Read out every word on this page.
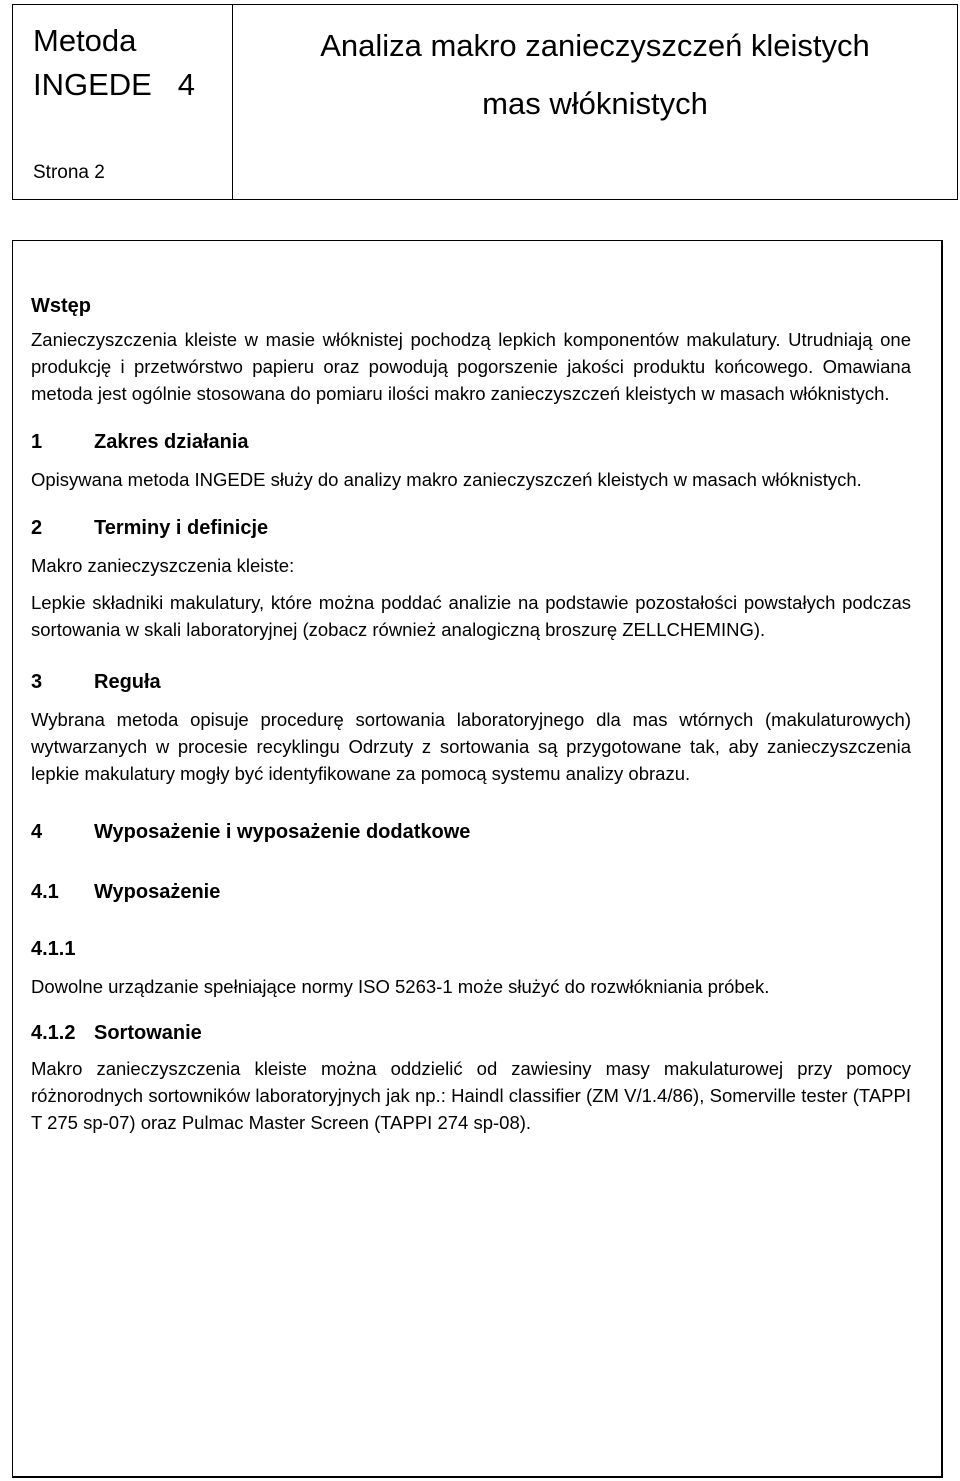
Metoda
INGEDE   4
Strona 2
Analiza makro zanieczyszczeń kleistych
mas włóknistych
Wstęp

Zanieczyszczenia kleiste w masie włóknistej pochodzą lepkich komponentów makulatury. Utrudniają one produkcję i przetwórstwo papieru oraz powodują pogorszenie jakości produktu końcowego. Omawiana metoda jest ogólnie stosowana do pomiaru ilości makro zanieczyszczeń kleistych w masach włóknistych.

1	Zakres działania

Opisywana metoda INGEDE służy do analizy makro zanieczyszczeń kleistych w masach włóknistych.

2	Terminy i definicje

Makro zanieczyszczenia kleiste:

Lepkie składniki makulatury, które można poddać analizie na podstawie pozostałości powstałych podczas sortowania w skali laboratoryjnej (zobacz również analogiczną broszurę ZELLCHEMING).

3	Reguła

Wybrana metoda opisuje procedurę sortowania laboratoryjnego dla mas wtórnych (makulaturowych) wytwarzanych w procesie recyklingu Odrzuty z sortowania są przygotowane tak, aby zanieczyszczenia lepkie makulatury mogły być identyfikowane za pomocą systemu analizy obrazu.

4	Wyposażenie i wyposażenie dodatkowe
4.1 Wyposażenie
4.1.1

Dowolne urządzanie spełniające normy ISO 5263-1 może służyć do rozwłókniania próbek.

4.1.2 Sortowanie

Makro zanieczyszczenia kleiste można oddzielić od zawiesiny masy makulaturowej przy pomocy różnorodnych sortowników laboratoryjnych jak np.: Haindl classifier (ZM V/1.4/86), Somerville tester (TAPPI T 275 sp-07) oraz Pulmac Master Screen (TAPPI 274 sp-08).
